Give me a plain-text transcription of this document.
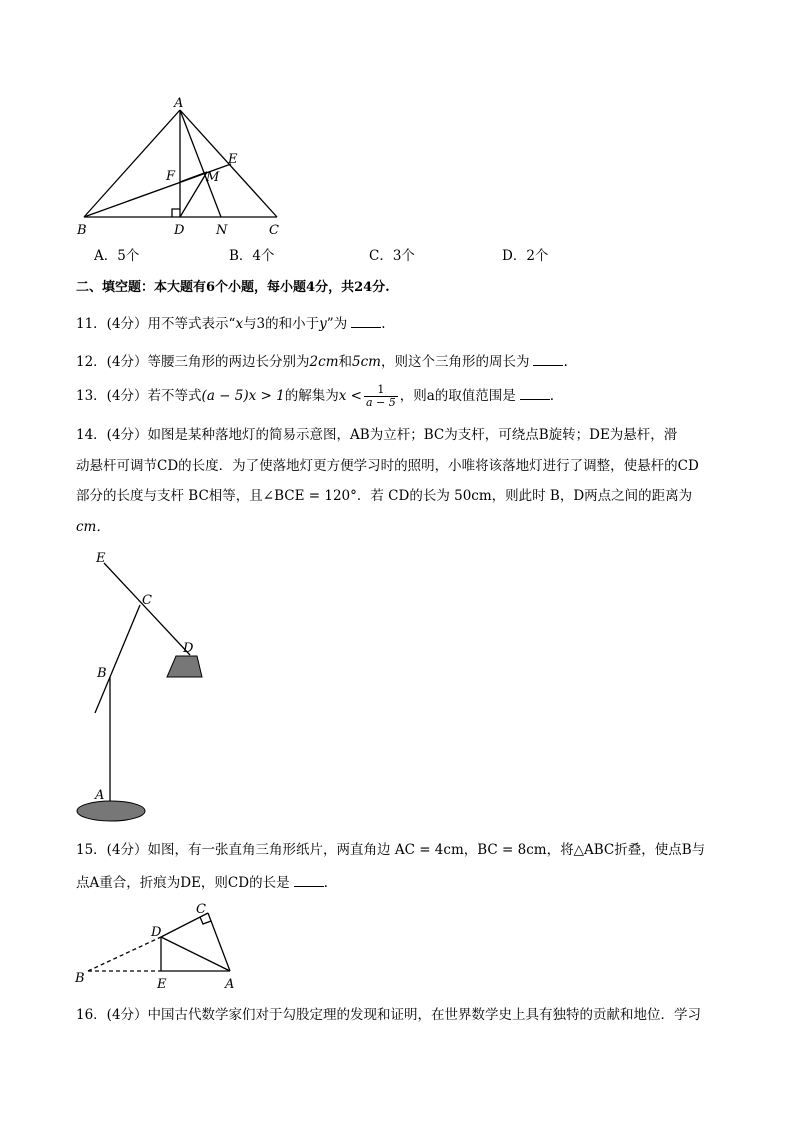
A
E
F M
B	D N	C
A．5个	B．4个	C．3个	D．2个
二、填空题：本大题有6个小题，每小题4分，共24分.
11．(4分）用不等式表示“x与3的和小于y”为	.
12．(4分）等腰三角形的两边长分别为2cm和5cm，则这个三角形的周长为	.
13．(4分）若不等式(a − 5)x > 1的解集为$x < \frac{1}{a - 5}$ ，则a的取值范围是	.
14．(4分）如图是某种落地灯的简易示意图，AB为立杆；BC为支杆，可绕点B旋转；DE为悬杆，滑
动悬杆可调节CD的长度．为了使落地灯更方便学习时的照明，小唯将该落地灯进行了调整，使悬杆的CD
部分的长度与支杆 BC相等，且∠BCE = 120°．若 CD的长为 50cm，则此时 B，D两点之间的距离为
cm．
E
C
D
B
A
15．(4分）如图，有一张直角三角形纸片，两直角边 AC = 4cm，BC = 8cm，将△ABC折叠，使点B与
点A重合，折痕为DE，则CD的长是	.
C
D
B	E	A
16．(4分）中国古代数学家们对于勾股定理的发现和证明，在世界数学史上具有独特的贡献和地位．学习
